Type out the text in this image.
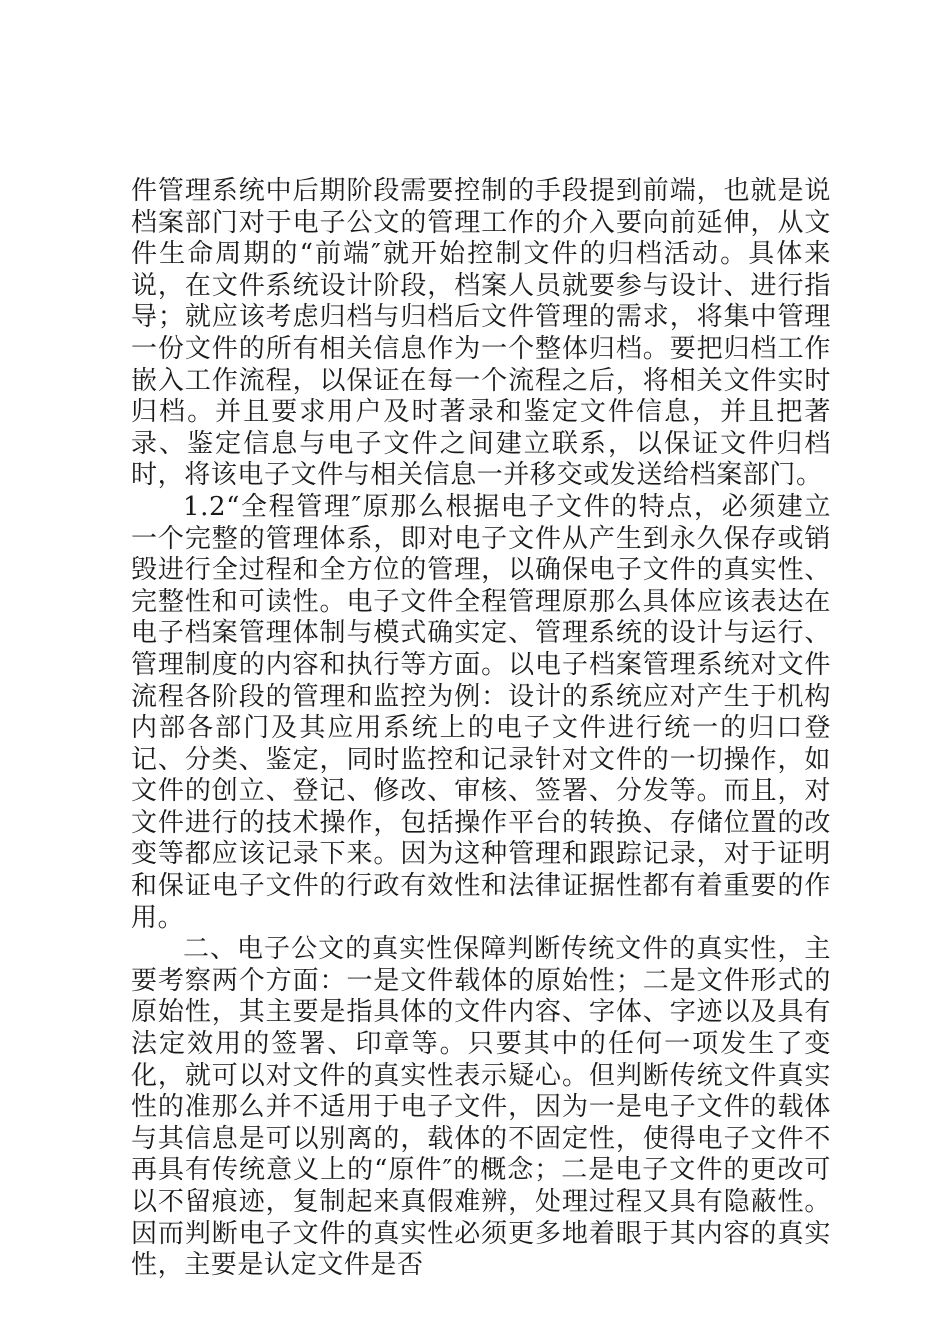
件管理系统中后期阶段需要控制的手段提到前端，也就是说档案部门对于电子公文的管理工作的介入要向前延伸，从文件生命周期的“前端″就开始控制文件的归档活动。具体来说，在文件系统设计阶段，档案人员就要参与设计、进行指导；就应该考虑归档与归档后文件管理的需求，将集中管理一份文件的所有相关信息作为一个整体归档。要把归档工作嵌入工作流程，以保证在每一个流程之后，将相关文件实时归档。并且要求用户及时著录和鉴定文件信息，并且把著录、鉴定信息与电子文件之间建立联系，以保证文件归档时，将该电子文件与相关信息一并移交或发送给档案部门。

1.2“全程管理″原那么根据电子文件的特点，必须建立一个完整的管理体系，即对电子文件从产生到永久保存或销毁进行全过程和全方位的管理，以确保电子文件的真实性、完整性和可读性。电子文件全程管理原那么具体应该表达在电子档案管理体制与模式确实定、管理系统的设计与运行、管理制度的内容和执行等方面。以电子档案管理系统对文件流程各阶段的管理和监控为例：设计的系统应对产生于机构内部各部门及其应用系统上的电子文件进行统一的归口登记、分类、鉴定，同时监控和记录针对文件的一切操作，如文件的创立、登记、修改、审核、签署、分发等。而且，对文件进行的技术操作，包括操作平台的转换、存储位置的改变等都应该记录下来。因为这种管理和跟踪记录，对于证明和保证电子文件的行政有效性和法律证据性都有着重要的作用。

二、电子公文的真实性保障判断传统文件的真实性，主要考察两个方面：一是文件载体的原始性；二是文件形式的原始性，其主要是指具体的文件内容、字体、字迹以及具有法定效用的签署、印章等。只要其中的任何一项发生了变化，就可以对文件的真实性表示疑心。但判断传统文件真实性的准那么并不适用于电子文件，因为一是电子文件的载体与其信息是可以别离的，载体的不固定性，使得电子文件不再具有传统意义上的“原件″的概念；二是电子文件的更改可以不留痕迹，复制起来真假难辨，处理过程又具有隐蔽性。因而判断电子文件的真实性必须更多地着眼于其内容的真实性，主要是认定文件是否
